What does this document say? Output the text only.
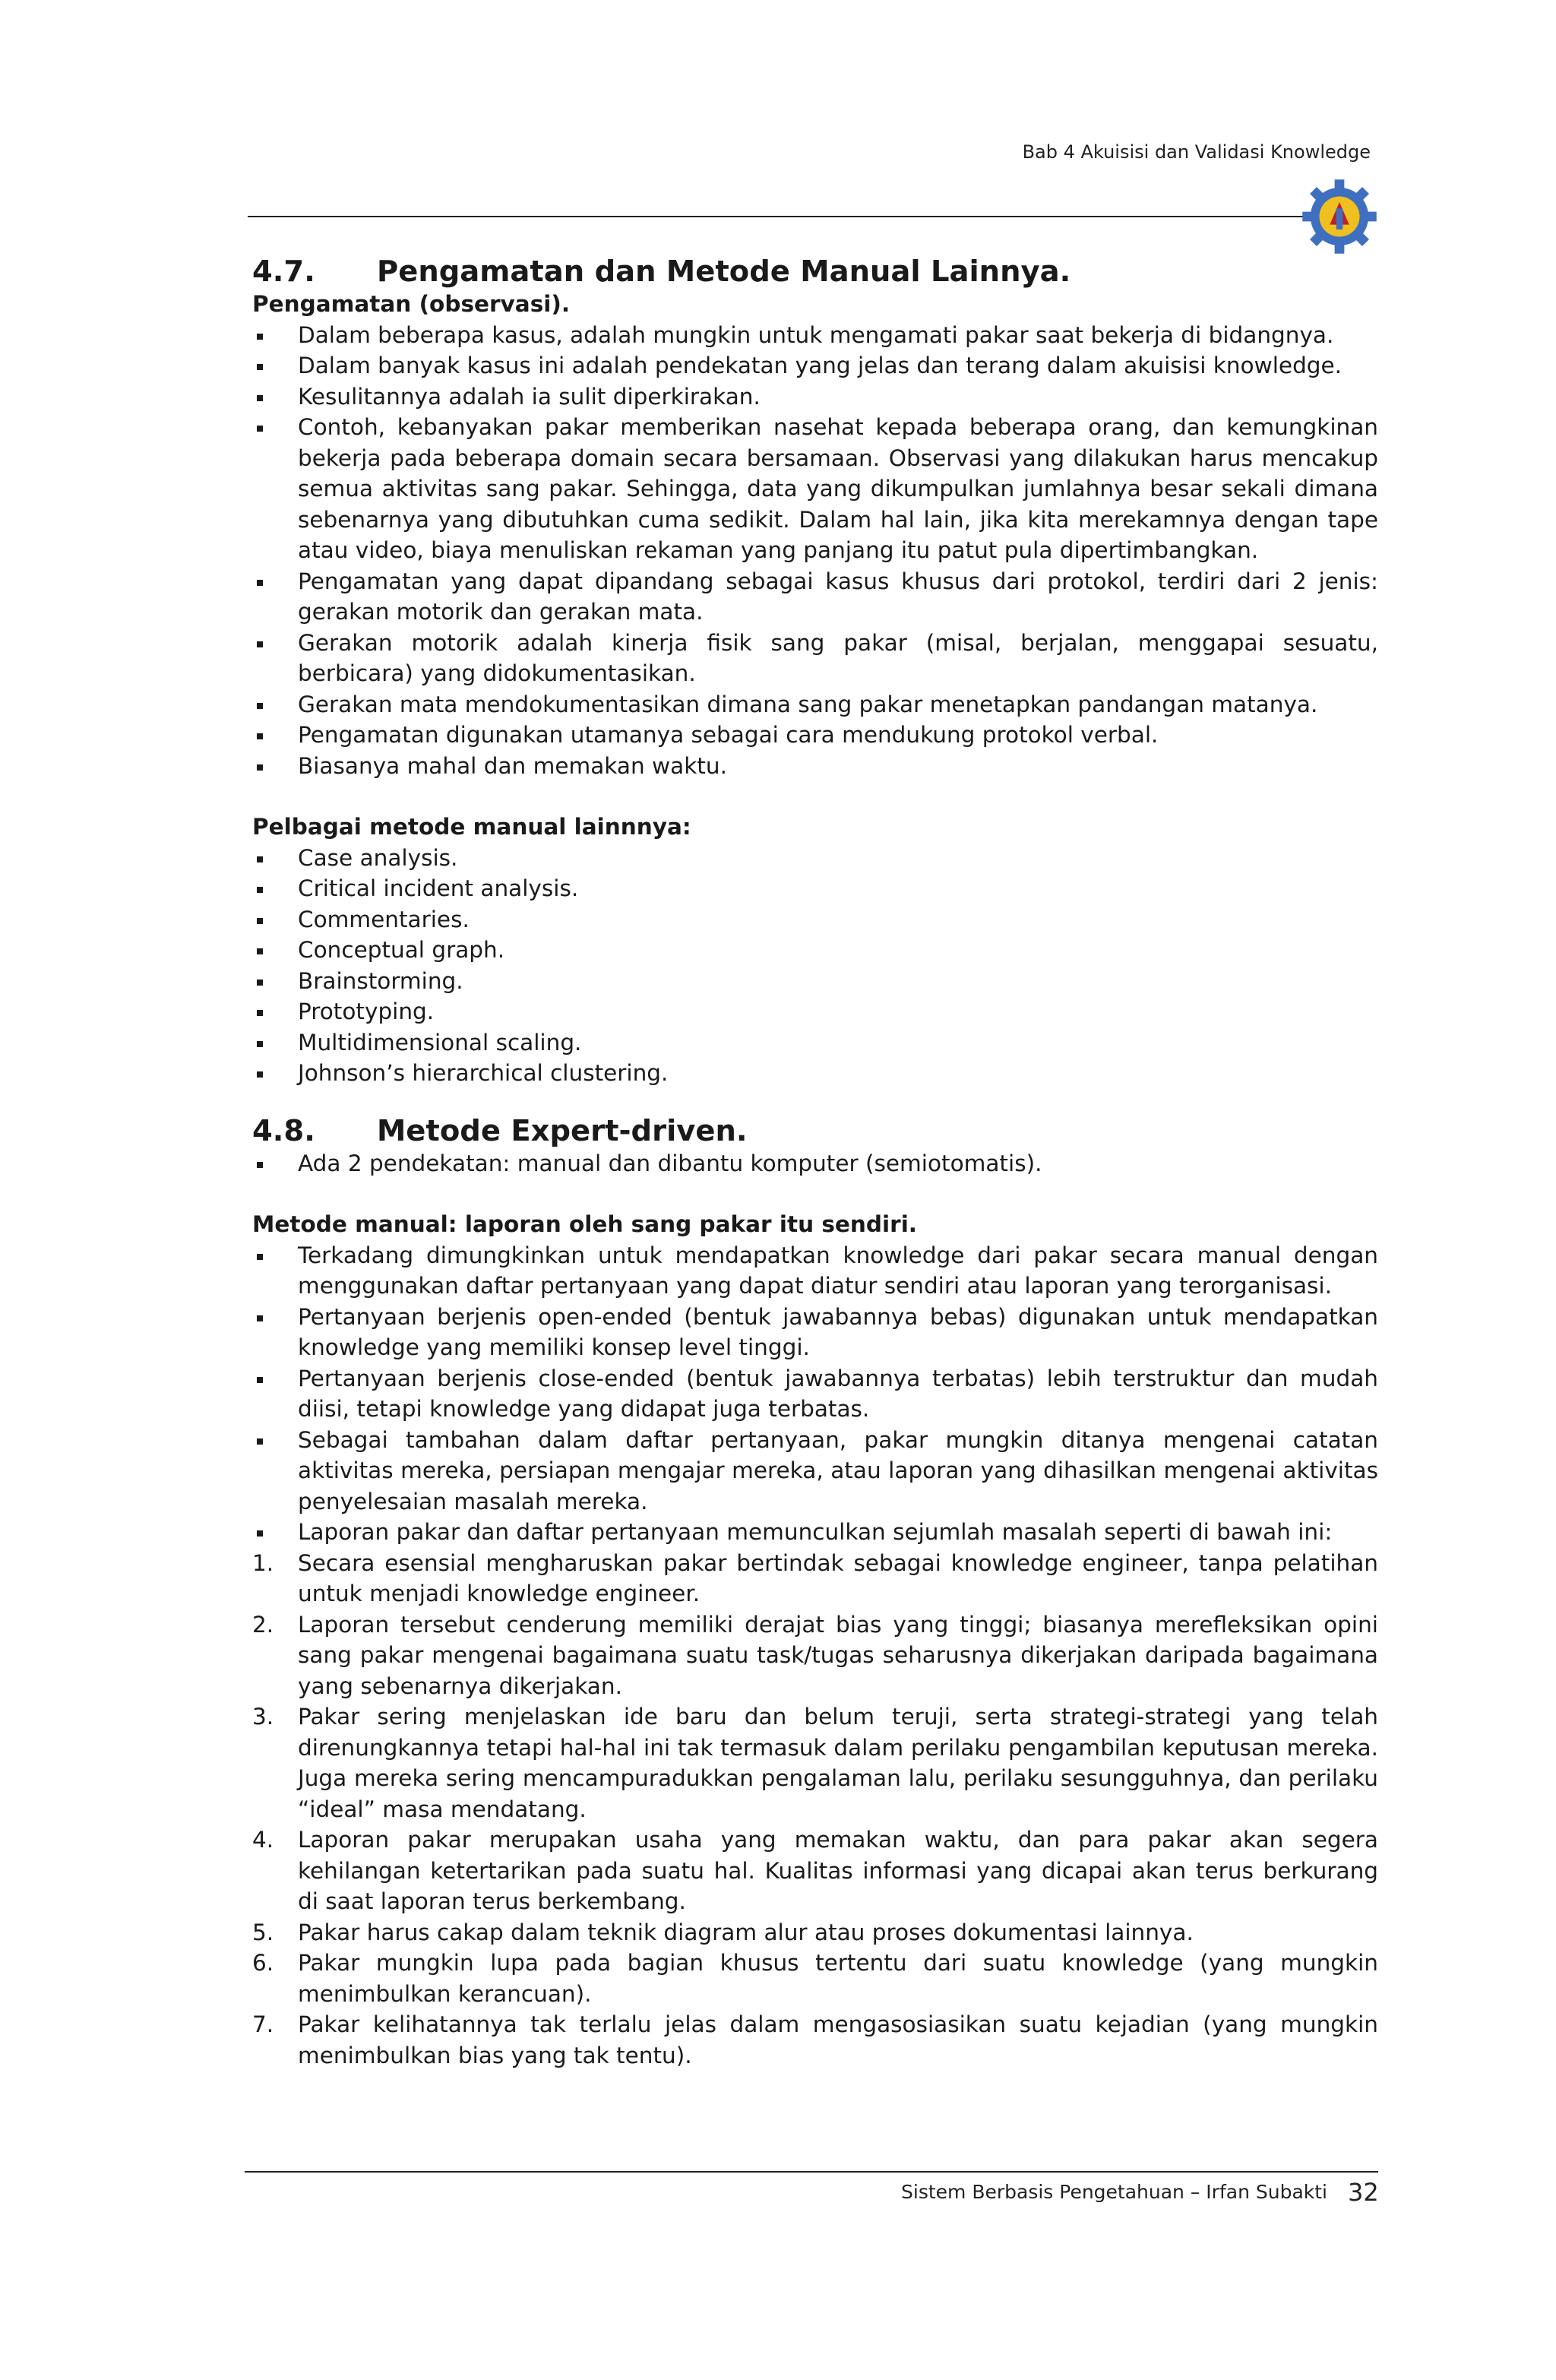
Bab 4 Akuisisi dan Validasi Knowledge
4.7.	Pengamatan dan Metode Manual Lainnya.

Pengamatan (observasi).

Dalam beberapa kasus, adalah mungkin untuk mengamati pakar saat bekerja di bidangnya.
Dalam banyak kasus ini adalah pendekatan yang jelas dan terang dalam akuisisi knowledge.
Kesulitannya adalah ia sulit diperkirakan.
Contoh, kebanyakan pakar memberikan nasehat kepada beberapa orang, dan kemungkinan bekerja pada beberapa domain secara bersamaan. Observasi yang dilakukan harus mencakup semua aktivitas sang pakar. Sehingga, data yang dikumpulkan jumlahnya besar sekali dimana sebenarnya yang dibutuhkan cuma sedikit. Dalam hal lain, jika kita merekamnya dengan tape atau video, biaya menuliskan rekaman yang panjang itu patut pula dipertimbangkan.
Pengamatan yang dapat dipandang sebagai kasus khusus dari protokol, terdiri dari 2 jenis: gerakan motorik dan gerakan mata.
Gerakan motorik adalah kinerja fisik sang pakar (misal, berjalan, menggapai sesuatu, berbicara) yang didokumentasikan.
Gerakan mata mendokumentasikan dimana sang pakar menetapkan pandangan matanya.
Pengamatan digunakan utamanya sebagai cara mendukung protokol verbal.
Biasanya mahal dan memakan waktu.

Pelbagai metode manual lainnnya:

Case analysis.
Critical incident analysis.
Commentaries.
Conceptual graph.
Brainstorming.
Prototyping.
Multidimensional scaling.
Johnson’s hierarchical clustering.
4.8.	Metode Expert-driven.
Ada 2 pendekatan: manual dan dibantu komputer (semiotomatis).

Metode manual: laporan oleh sang pakar itu sendiri.

Terkadang dimungkinkan untuk mendapatkan knowledge dari pakar secara manual dengan menggunakan daftar pertanyaan yang dapat diatur sendiri atau laporan yang terorganisasi.
Pertanyaan berjenis open-ended (bentuk jawabannya bebas) digunakan untuk mendapatkan knowledge yang memiliki konsep level tinggi.
Pertanyaan berjenis close-ended (bentuk jawabannya terbatas) lebih terstruktur dan mudah diisi, tetapi knowledge yang didapat juga terbatas.
Sebagai tambahan dalam daftar pertanyaan, pakar mungkin ditanya mengenai catatan aktivitas mereka, persiapan mengajar mereka, atau laporan yang dihasilkan mengenai aktivitas penyelesaian masalah mereka.
Laporan pakar dan daftar pertanyaan memunculkan sejumlah masalah seperti di bawah ini:
1.	Secara esensial mengharuskan pakar bertindak sebagai knowledge engineer, tanpa pelatihan untuk menjadi knowledge engineer.
2.	Laporan tersebut cenderung memiliki derajat bias yang tinggi; biasanya merefleksikan opini sang pakar mengenai bagaimana suatu task/tugas seharusnya dikerjakan daripada bagaimana yang sebenarnya dikerjakan.
3.	Pakar sering menjelaskan ide baru dan belum teruji, serta strategi-strategi yang telah direnungkannya tetapi hal-hal ini tak termasuk dalam perilaku pengambilan keputusan mereka. Juga mereka sering mencampuradukkan pengalaman lalu, perilaku sesungguhnya, dan perilaku “ideal” masa mendatang.
4.	Laporan pakar merupakan usaha yang memakan waktu, dan para pakar akan segera kehilangan ketertarikan pada suatu hal. Kualitas informasi yang dicapai akan terus berkurang di saat laporan terus berkembang.
5.	Pakar harus cakap dalam teknik diagram alur atau proses dokumentasi lainnya.
6.	Pakar mungkin lupa pada bagian khusus tertentu dari suatu knowledge (yang mungkin menimbulkan kerancuan).
7.	Pakar kelihatannya tak terlalu jelas dalam mengasosiasikan suatu kejadian (yang mungkin menimbulkan bias yang tak tentu).
Sistem Berbasis Pengetahuan – Irfan Subakti 32
